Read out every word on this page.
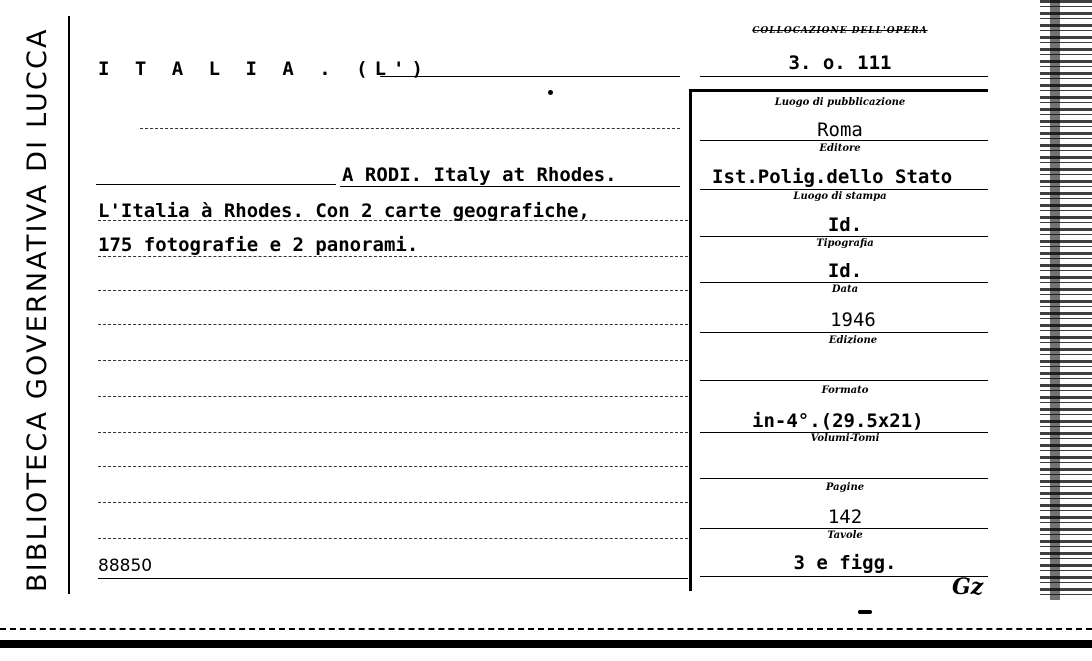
BIBLIOTECA GOVERNATIVA DI LUCCA	I T A L I A . (L')
COLLOCAZIONE DELL'OPERA
3. o. 111
A RODI. Italy at Rhodes.
L'Italia à Rhodes. Con 2 carte geografiche,
175 fotografie e 2 panorami.
88850
Luogo di pubblicazione
Roma
Editore
Ist.Polig.dello Stato
Luogo di stampa
Id.
Tipografia
Id.
Data
1946
Edizione
Formato
in-4°.(29.5x21)
Volumi-Tomi
Pagine
142
Tavole
3 e figg.
Gz
